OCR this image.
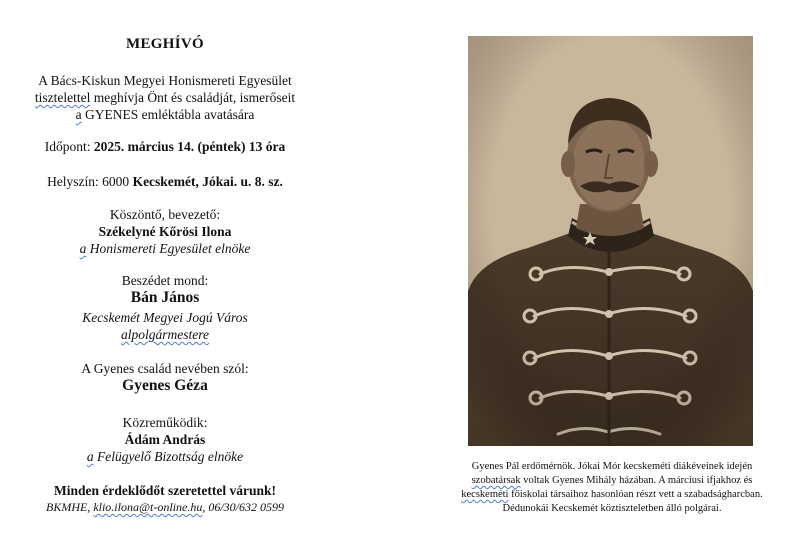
MEGHÍVÓ

A Bács-Kiskun Megyei Honismereti Egyesület

tisztelettel meghívja Önt és családját, ismerőseit

a GYENES emléktábla avatására

Időpont: 2025. március 14. (péntek) 13 óra

Helyszín: 6000 Kecskemét, Jókai. u. 8. sz.

Köszöntő, bevezető:

Székelyné Kőrösi Ilona

a Honismereti Egyesület elnöke

Beszédet mond:

Bán János

Kecskemét Megyei Jogú Város

alpolgármestere

A Gyenes család nevében szól:

Gyenes Géza

Közreműködik:

Ádám András

a Felügyelő Bizottság elnöke

Minden érdeklődőt szeretettel várunk!

BKMHE, klio.ilona@t-online.hu, 06/30/632 0599

Gyenes Pál erdőmérnök. Jókai Mór kecskeméti diákéveinek idején
szobatársak voltak Gyenes Mihály házában. A márciusi ifjakhoz és
kecskeméti főiskolai társaihoz hasonlóan részt vett a szabadságharcban.
Dédunokái Kecskemét köztiszteletben álló polgárai.
